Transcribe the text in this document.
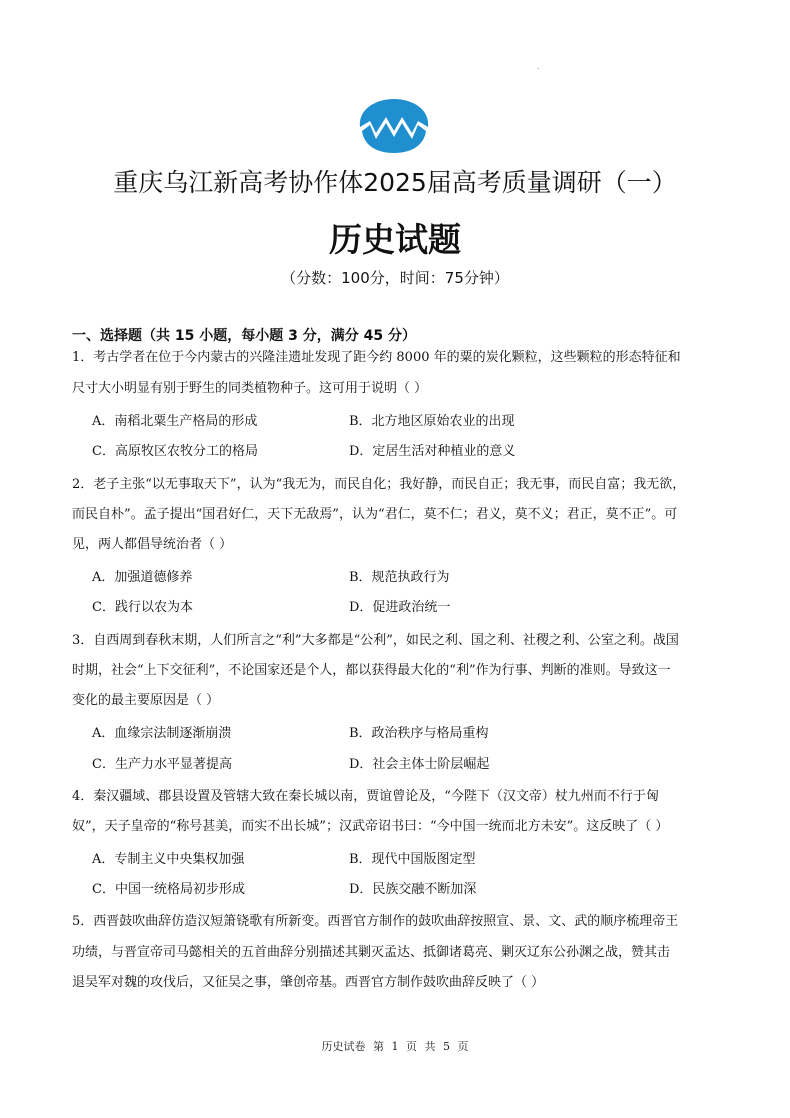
.
重庆乌江新高考协作体2025届高考质量调研（一）
历史试题
（分数：100分，时间：75分钟）
一、选择题（共 15 小题，每小题 3 分，满分 45 分）
1．考古学者在位于今内蒙古的兴隆洼遗址发现了距今约 8000 年的粟的炭化颗粒，这些颗粒的形态特征和
尺寸大小明显有别于野生的同类植物种子。这可用于说明（ ）
A．南稻北粟生产格局的形成	B．北方地区原始农业的出现
C．高原牧区农牧分工的格局	D．定居生活对种植业的意义
2．老子主张“以无事取天下”，认为“我无为，而民自化；我好静，而民自正；我无事，而民自富；我无欲，
而民自朴”。孟子提出“国君好仁，天下无敌焉”，认为“君仁，莫不仁；君义，莫不义；君正，莫不正”。可
见，两人都倡导统治者（ ）
A．加强道德修养	B．规范执政行为
C．践行以农为本	D．促进政治统一
3．自西周到春秋末期，人们所言之“利”大多都是“公利”，如民之利、国之利、社稷之利、公室之利。战国
时期，社会“上下交征利”，不论国家还是个人，都以获得最大化的“利”作为行事、判断的准则。导致这一
变化的最主要原因是（ ）
A．血缘宗法制逐渐崩溃	B．政治秩序与格局重构
C．生产力水平显著提高	D．社会主体士阶层崛起
4．秦汉疆域、郡县设置及管辖大致在秦长城以南，贾谊曾论及，“今陛下（汉文帝）杖九州而不行于匈
奴”，天子皇帝的“称号甚美，而实不出长城”；汉武帝诏书曰：“今中国一统而北方未安”。这反映了（ ）
A．专制主义中央集权加强	B．现代中国版图定型
C．中国一统格局初步形成	D．民族交融不断加深
5．西晋鼓吹曲辞仿造汉短箫铙歌有所新变。西晋官方制作的鼓吹曲辞按照宣、景、文、武的顺序梳理帝王
功绩，与晋宣帝司马懿相关的五首曲辞分别描述其剿灭孟达、抵御诸葛亮、剿灭辽东公孙渊之战，赞其击
退吴军对魏的攻伐后，又征吴之事，肇创帝基。西晋官方制作鼓吹曲辞反映了（ ）
历史试卷 第 1 页 共 5 页
